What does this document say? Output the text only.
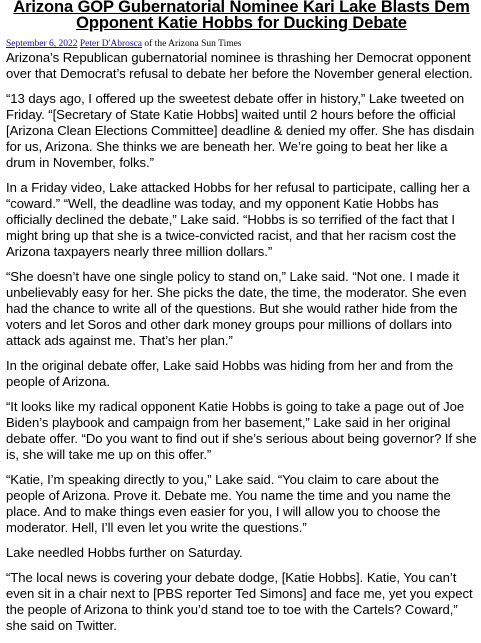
Arizona GOP Gubernatorial Nominee Kari Lake Blasts Dem Opponent Katie Hobbs for Ducking Debate
September 6, 2022 Peter D'Abrosca of the Arizona Sun Times

Arizona’s Republican gubernatorial nominee is thrashing her Democrat opponent over that Democrat’s refusal to debate her before the November general election.

“13 days ago, I offered up the sweetest debate offer in history,” Lake tweeted on Friday. “[Secretary of State Katie Hobbs] waited until 2 hours before the official [Arizona Clean Elections Committee] deadline & denied my offer. She has disdain for us, Arizona. She thinks we are beneath her. We’re going to beat her like a drum in November, folks.”

In a Friday video, Lake attacked Hobbs for her refusal to participate, calling her a “coward.” “Well, the deadline was today, and my opponent Katie Hobbs has officially declined the debate,” Lake said. “Hobbs is so terrified of the fact that I might bring up that she is a twice-convicted racist, and that her racism cost the Arizona taxpayers nearly three million dollars.”

“She doesn’t have one single policy to stand on,” Lake said. “Not one. I made it unbelievably easy for her. She picks the date, the time, the moderator. She even had the chance to write all of the questions. But she would rather hide from the voters and let Soros and other dark money groups pour millions of dollars into attack ads against me. That’s her plan.”

In the original debate offer, Lake said Hobbs was hiding from her and from the people of Arizona.

“It looks like my radical opponent Katie Hobbs is going to take a page out of Joe Biden’s playbook and campaign from her basement,” Lake said in her original debate offer. “Do you want to find out if she’s serious about being governor? If she is, she will take me up on this offer.”

“Katie, I’m speaking directly to you,” Lake said. “You claim to care about the people of Arizona. Prove it. Debate me. You name the time and you name the place. And to make things even easier for you, I will allow you to choose the moderator. Hell, I’ll even let you write the questions.”

Lake needled Hobbs further on Saturday.

“The local news is covering your debate dodge, [Katie Hobbs]. Katie, You can’t even sit in a chair next to [PBS reporter Ted Simons] and face me, yet you expect the people of Arizona to think you’d stand toe to toe with the Cartels? Coward,” she said on Twitter.
